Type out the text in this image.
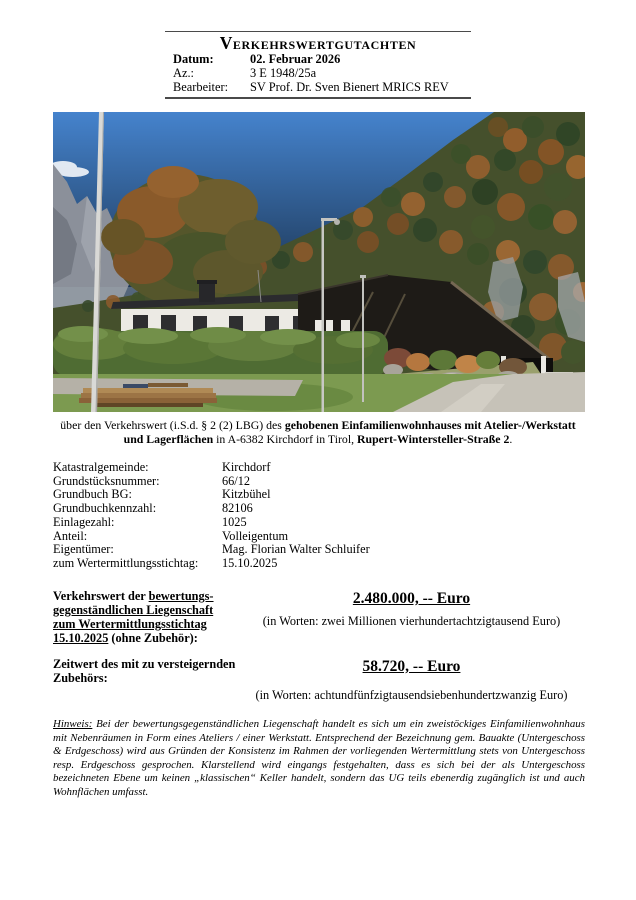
Verkehrswertgutachten
Datum:	02. Februar 2026
Az.:	3 E 1948/25a
Bearbeiter:	SV Prof. Dr. Sven Bienert MRICS REV
über den Verkehrswert (i.S.d. § 2 (2) LBG) des gehobenen Einfamilienwohnhauses mit Atelier-/Werkstatt und Lagerflächen in A-6382 Kirchdorf in Tirol, Rupert-Wintersteller-Straße 2.
Katastralgemeinde:	Kirchdorf
Grundstücksnummer:	66/12
Grundbuch BG:	Kitzbühel
Grundbuchkennzahl:	82106
Einlagezahl:	1025
Anteil:	Volleigentum
Eigentümer:	Mag. Florian Walter Schluifer
zum Wertermittlungsstichtag:	15.10.2025
Verkehrswert der bewertungs-gegenständlichen Liegenschaft zum Wertermittlungsstichtag 15.10.2025 (ohne Zubehör):
2.480.000, -- Euro
(in Worten: zwei Millionen vierhundertachtzigtausend Euro)
Zeitwert des mit zu versteigernden Zubehörs:
58.720, -- Euro
(in Worten: achtundfünfzigtausendsiebenhundertzwanzig Euro)
Hinweis: Bei der bewertungsgegenständlichen Liegenschaft handelt es sich um ein zweistöckiges Einfamilienwohnhaus mit Nebenräumen in Form eines Ateliers / einer Werkstatt. Entsprechend der Bezeichnung gem. Bauakte (Untergeschoss & Erdgeschoss) wird aus Gründen der Konsistenz im Rahmen der vorliegenden Wertermittlung stets von Untergeschoss resp. Erdgeschoss gesprochen. Klarstellend wird eingangs festgehalten, dass es sich bei der als Untergeschoss bezeichneten Ebene um keinen „klassischen“ Keller handelt, sondern das UG teils ebenerdig zugänglich ist und auch Wohnflächen umfasst.
